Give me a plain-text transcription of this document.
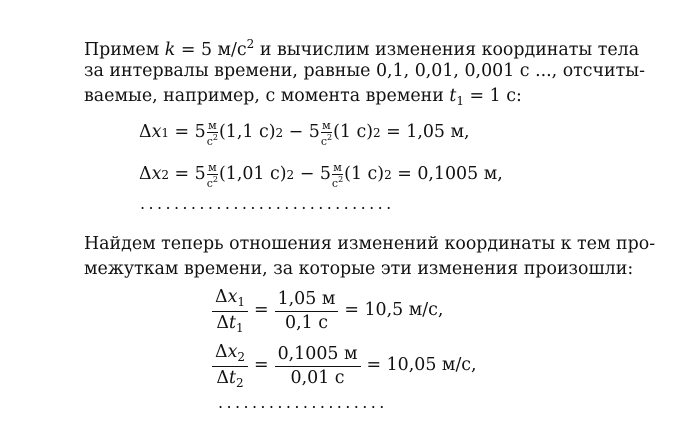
Примем k = 5 $м/с^2$ и вычислим изменения координаты тела
за интервалы времени, равные 0,1, 0,01, 0,001 с ..., отсчиты-
ваемые, например, с момента времени $t_1 = 1$ с:
Δ x $1 = 5 \frac{м}{с^2} (1,1$ с) $2 - 5 \frac{м}{с^2} (1$ с) 2 = 1,05 м,
Δ x $2 = 5 \frac{м}{с^2} (1,01$ с) $2 - 5 \frac{м}{с^2} (1$ с) 2 = 0,1005 м,
..............................
Найдем теперь отношения изменений координаты к тем про-
межуткам времени, за которые эти изменения произошли:
$\frac{\Delta x_1}{\Delta t_1} = \frac{1,05 м}{0,1 с} = 10,5$ м/с,
$\frac{\Delta x_2}{\Delta t_2} = \frac{0,1005 м}{0,01 с} = 10,05$ м/с,
....................
